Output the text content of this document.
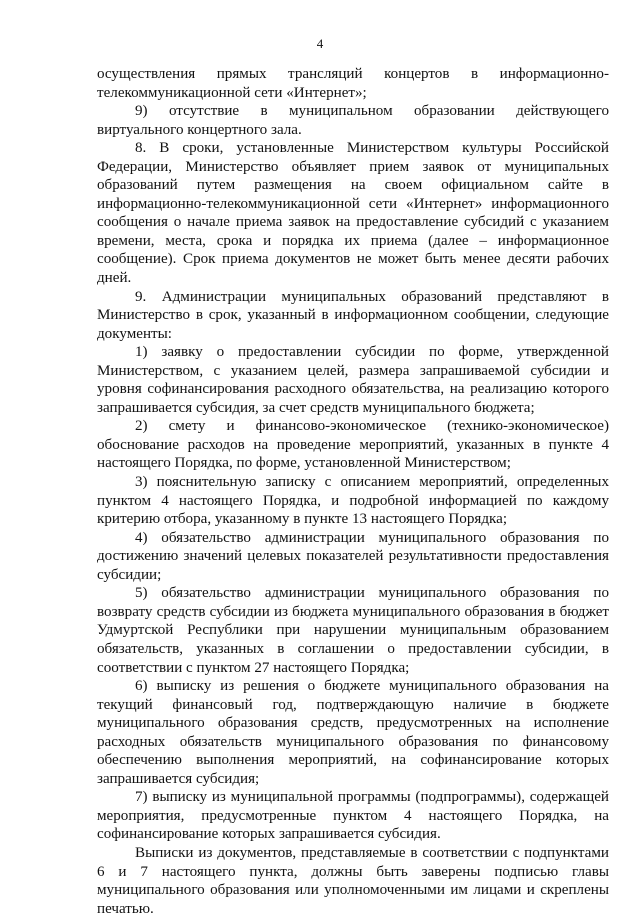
4

осуществления прямых трансляций концертов в информационно-телекоммуникационной сети «Интернет»;

9) отсутствие в муниципальном образовании действующего виртуального концертного зала.

8. В сроки, установленные Министерством культуры Российской Федерации, Министерство объявляет прием заявок от муниципальных образований путем размещения на своем официальном сайте в информационно-телекоммуникационной сети «Интернет» информационного сообщения о начале приема заявок на предоставление субсидий с указанием времени, места, срока и порядка их приема (далее – информационное сообщение). Срок приема документов не может быть менее десяти рабочих дней.

9. Администрации муниципальных образований представляют в Министерство в срок, указанный в информационном сообщении, следующие документы:

1) заявку о предоставлении субсидии по форме, утвержденной Министерством, с указанием целей, размера запрашиваемой субсидии и уровня софинансирования расходного обязательства, на реализацию которого запрашивается субсидия, за счет средств муниципального бюджета;

2) смету и финансово-экономическое (технико-экономическое) обоснование расходов на проведение мероприятий, указанных в пункте 4 настоящего Порядка, по форме, установленной Министерством;

3) пояснительную записку с описанием мероприятий, определенных пунктом 4 настоящего Порядка, и подробной информацией по каждому критерию отбора, указанному в пункте 13 настоящего Порядка;

4) обязательство администрации муниципального образования по достижению значений целевых показателей результативности предоставления субсидии;

5) обязательство администрации муниципального образования по возврату средств субсидии из бюджета муниципального образования в бюджет Удмуртской Республики при нарушении муниципальным образованием обязательств, указанных в соглашении о предоставлении субсидии, в соответствии с пунктом 27 настоящего Порядка;

6) выписку из решения о бюджете муниципального образования на текущий финансовый год, подтверждающую наличие в бюджете муниципального образования средств, предусмотренных на исполнение расходных обязательств муниципального образования по финансовому обеспечению выполнения мероприятий, на софинансирование которых запрашивается субсидия;

7) выписку из муниципальной программы (подпрограммы), содержащей мероприятия, предусмотренные пунктом 4 настоящего Порядка, на софинансирование которых запрашивается субсидия.

Выписки из документов, представляемые в соответствии с подпунктами 6 и 7 настоящего пункта, должны быть заверены подписью главы муниципального образования или уполномоченными им лицами и скреплены печатью.
